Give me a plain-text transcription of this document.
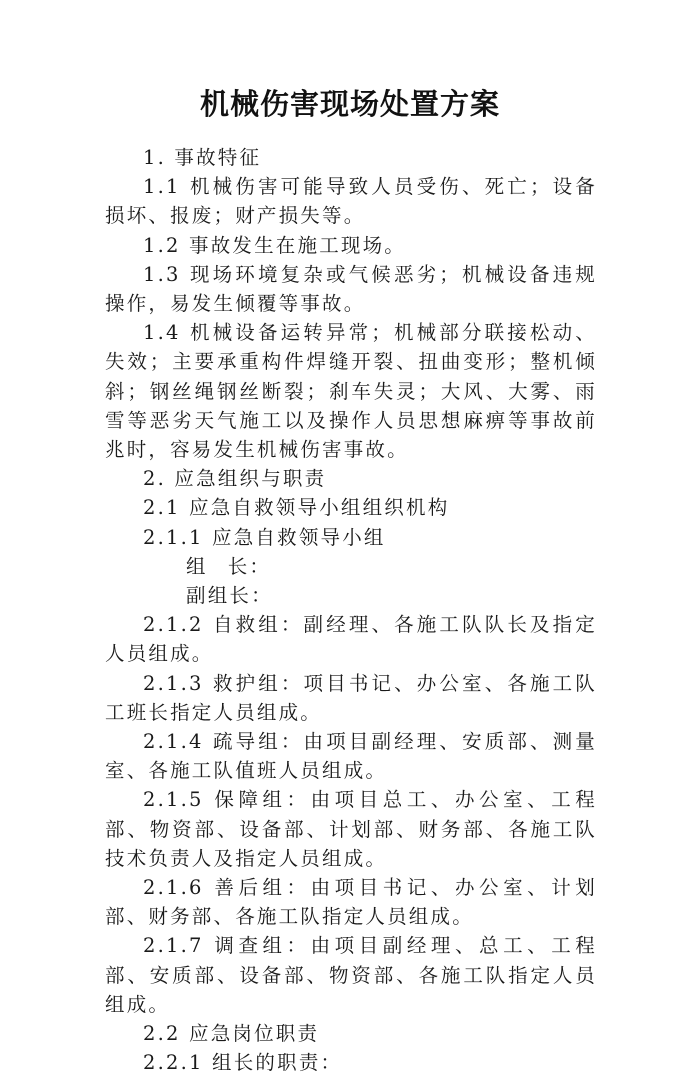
机械伤害现场处置方案

1. 事故特征

1.1 机械伤害可能导致人员受伤、死亡；设备损坏、报废；财产损失等。

1.2 事故发生在施工现场。

1.3 现场环境复杂或气候恶劣；机械设备违规操作，易发生倾覆等事故。

1.4 机械设备运转异常；机械部分联接松动、失效；主要承重构件焊缝开裂、扭曲变形；整机倾斜；钢丝绳钢丝断裂；刹车失灵；大风、大雾、雨雪等恶劣天气施工以及操作人员思想麻痹等事故前兆时，容易发生机械伤害事故。

2. 应急组织与职责

2.1 应急自救领导小组组织机构

2.1.1 应急自救领导小组

组 长：

副组长：

2.1.2 自救组：副经理、各施工队队长及指定人员组成。

2.1.3 救护组：项目书记、办公室、各施工队工班长指定人员组成。

2.1.4 疏导组：由项目副经理、安质部、测量室、各施工队值班人员组成。

2.1.5 保障组：由项目总工、办公室、工程部、物资部、设备部、计划部、财务部、各施工队技术负责人及指定人员组成。

2.1.6 善后组：由项目书记、办公室、计划部、财务部、各施工队指定人员组成。

2.1.7 调查组：由项目副经理、总工、工程部、安质部、设备部、物资部、各施工队指定人员组成。

2.2 应急岗位职责

2.2.1 组长的职责：
